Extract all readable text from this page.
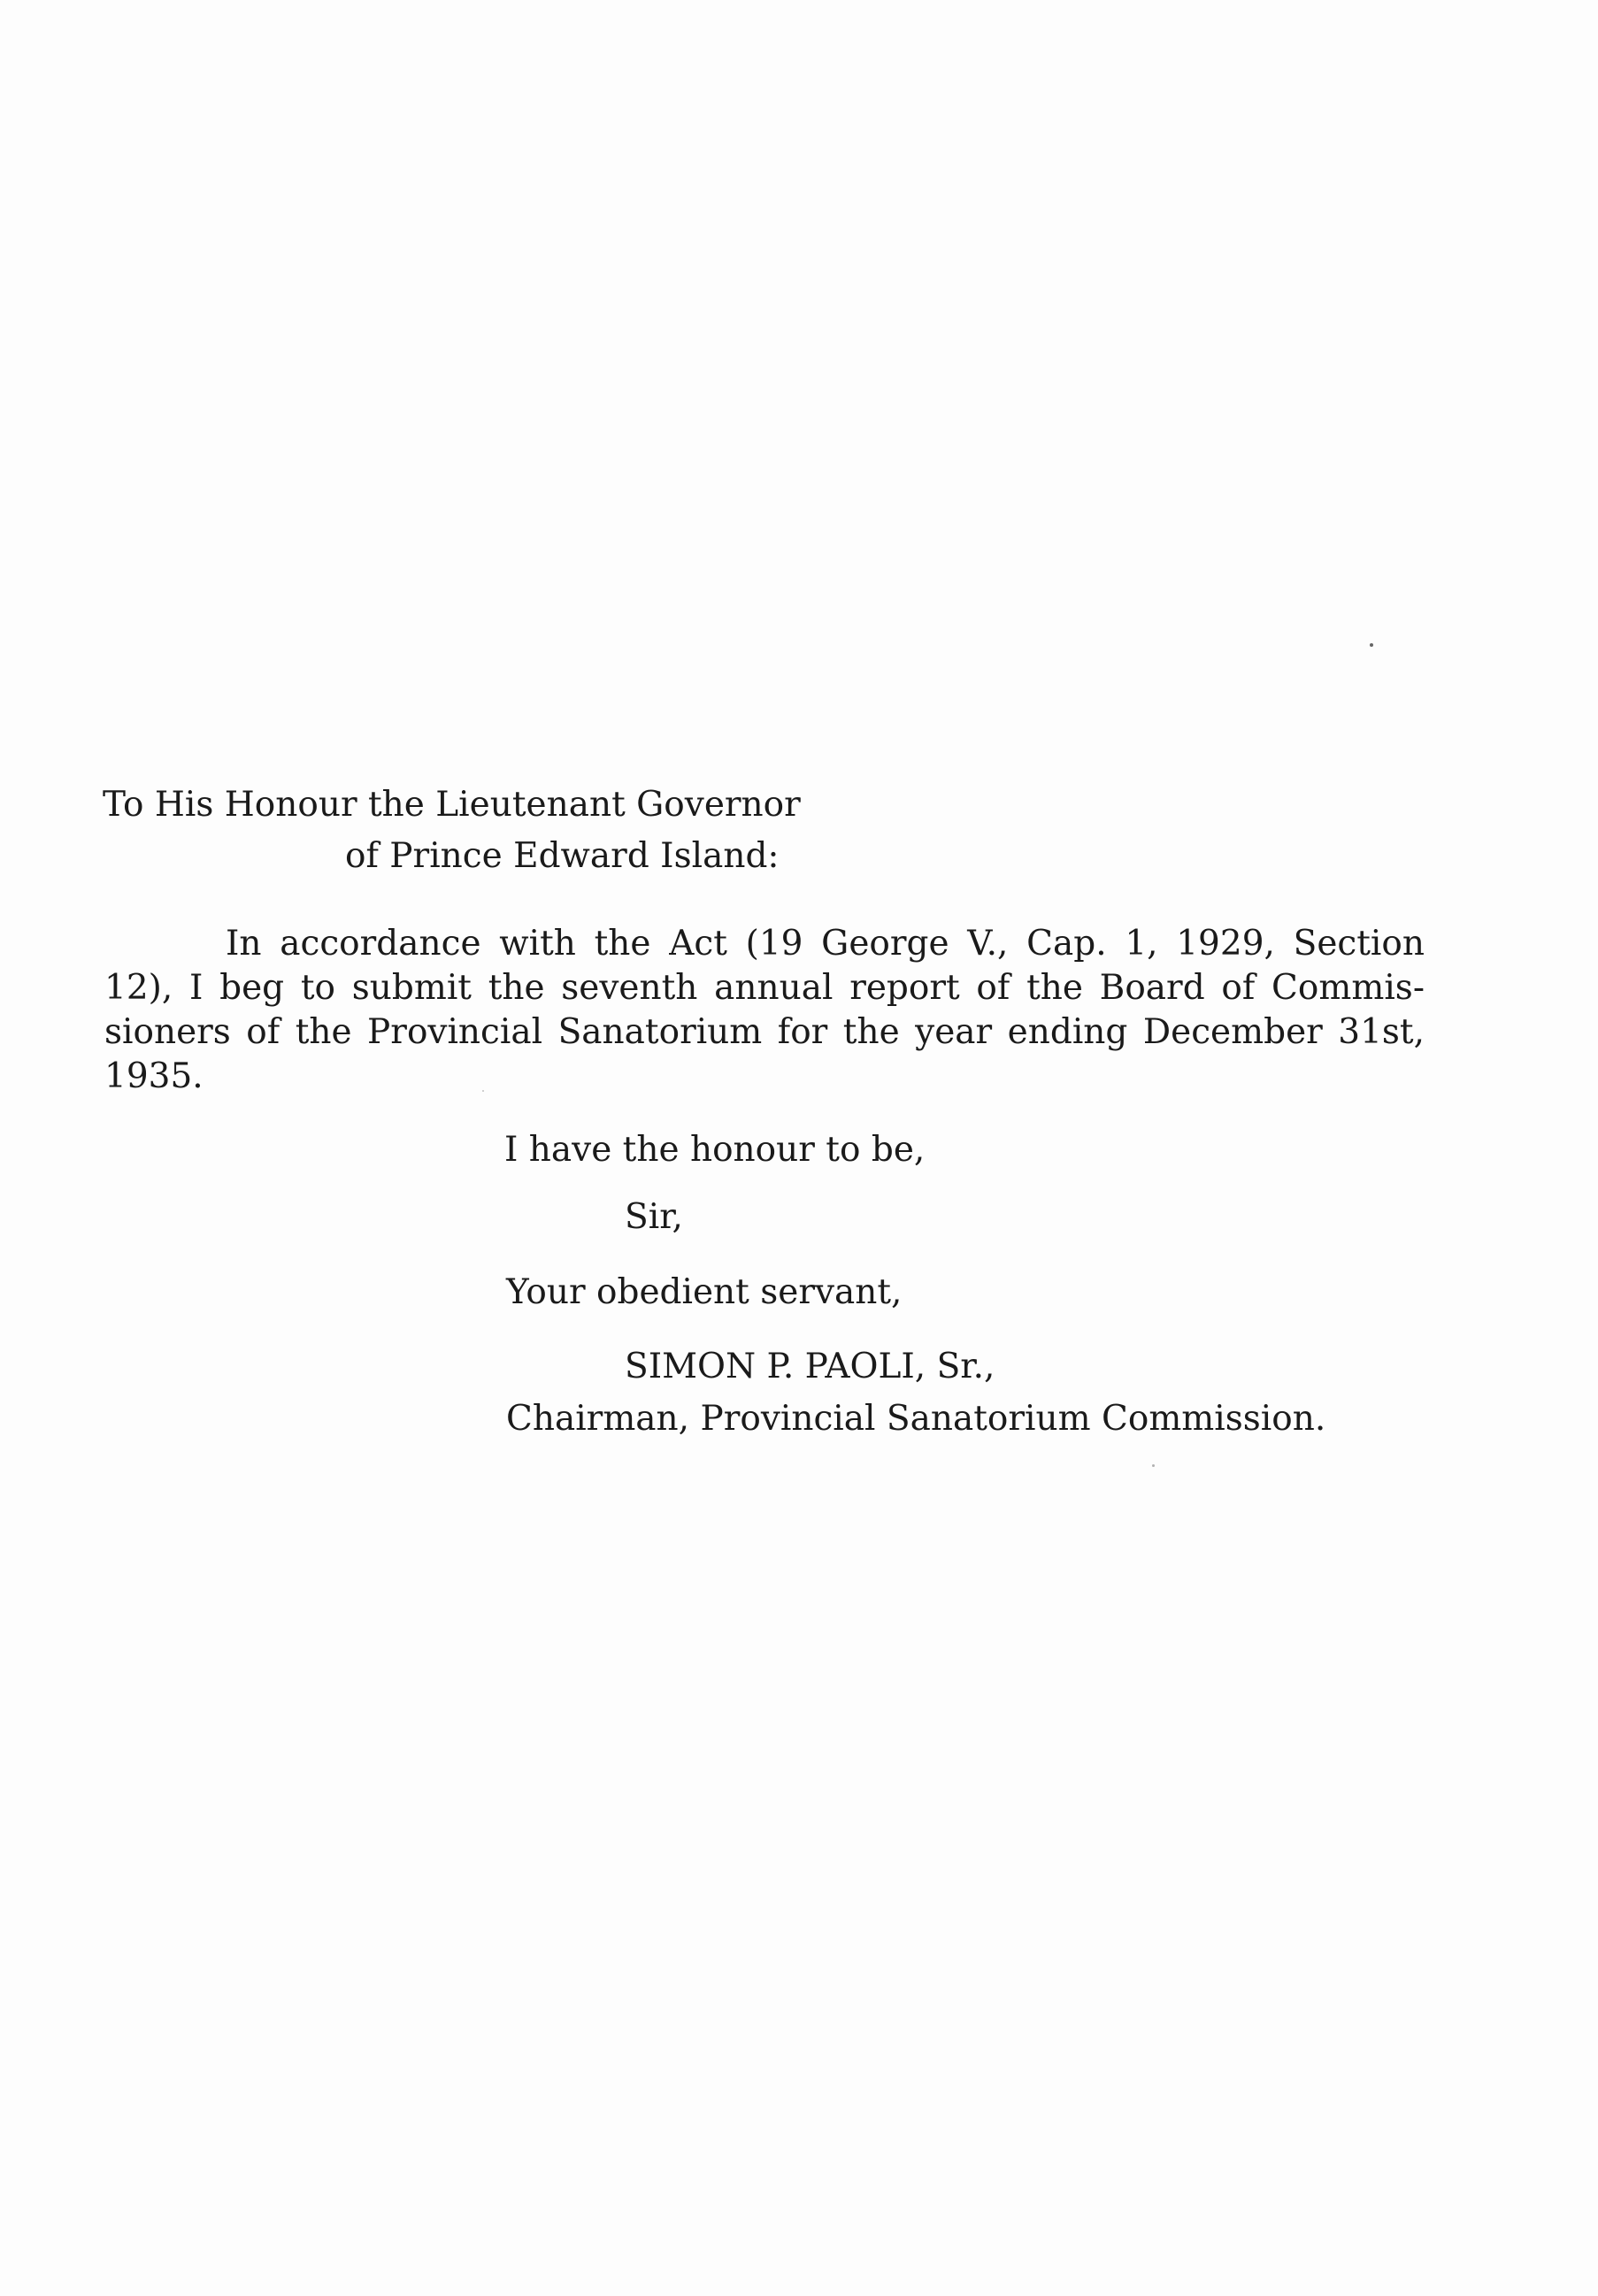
To His Honour the Lieutenant Governor

of Prince Edward Island:

In accordance with the Act (19 George V., Cap. 1, 1929, Section
12), I beg to submit the seventh annual report of the Board of Commis-
sioners of the Provincial Sanatorium for the year ending December 31st,
1935.

I have the honour to be,

Sir,

Your obedient servant,

SIMON P. PAOLI, Sr.,

Chairman, Provincial Sanatorium Commission.
